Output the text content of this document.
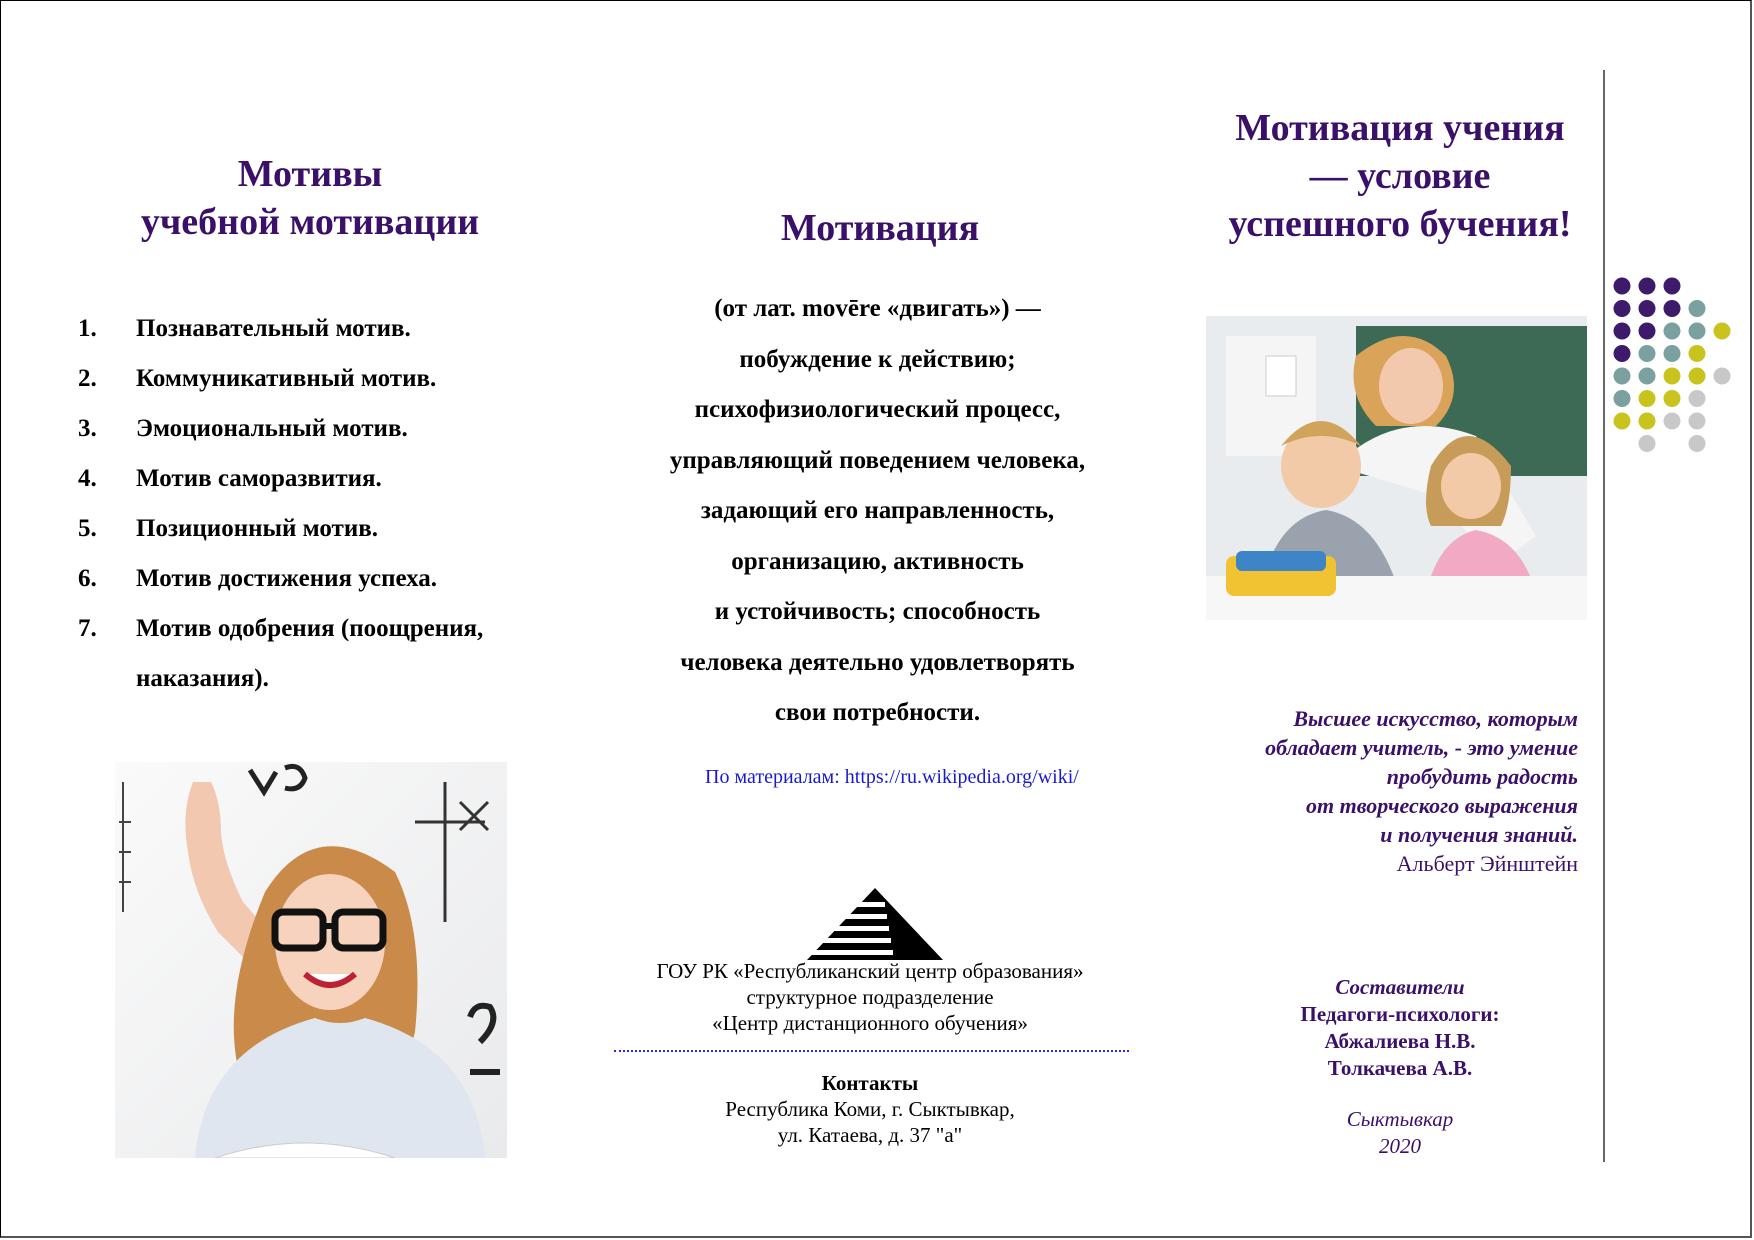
Мотивы
учебной мотивации
1. Познавательный мотив.
2. Коммуникативный мотив.
3. Эмоциональный мотив.
4. Мотив саморазвития.
5. Позиционный мотив.
6. Мотив достижения успеха.
7. Мотив одобрения (поощрения,
наказания).
Мотивация
(от лат. movēre «двигать») —
побуждение к действию;
психофизиологический процесс,
управляющий поведением человека,
задающий его направленность,
организацию, активность
и устойчивость; способность
человека деятельно удовлетворять
свои потребности.
По материалам: https://ru.wikipedia.org/wiki/
ГОУ РК «Республиканский центр образования»
структурное подразделение
«Центр дистанционного обучения»
Контакты
Республика Коми, г. Сыктывкар,
ул. Катаева, д. 37 "а"
Мотивация учения
— условие
успешного бучения!
Высшее искусство, которым
обладает учитель, - это умение
пробудить радость
от творческого выражения
и получения знаний.
Альберт Эйнштейн
Составители
Педагоги-психологи:
Абжалиева Н.В.
Толкачева А.В.
Сыктывкар
2020
